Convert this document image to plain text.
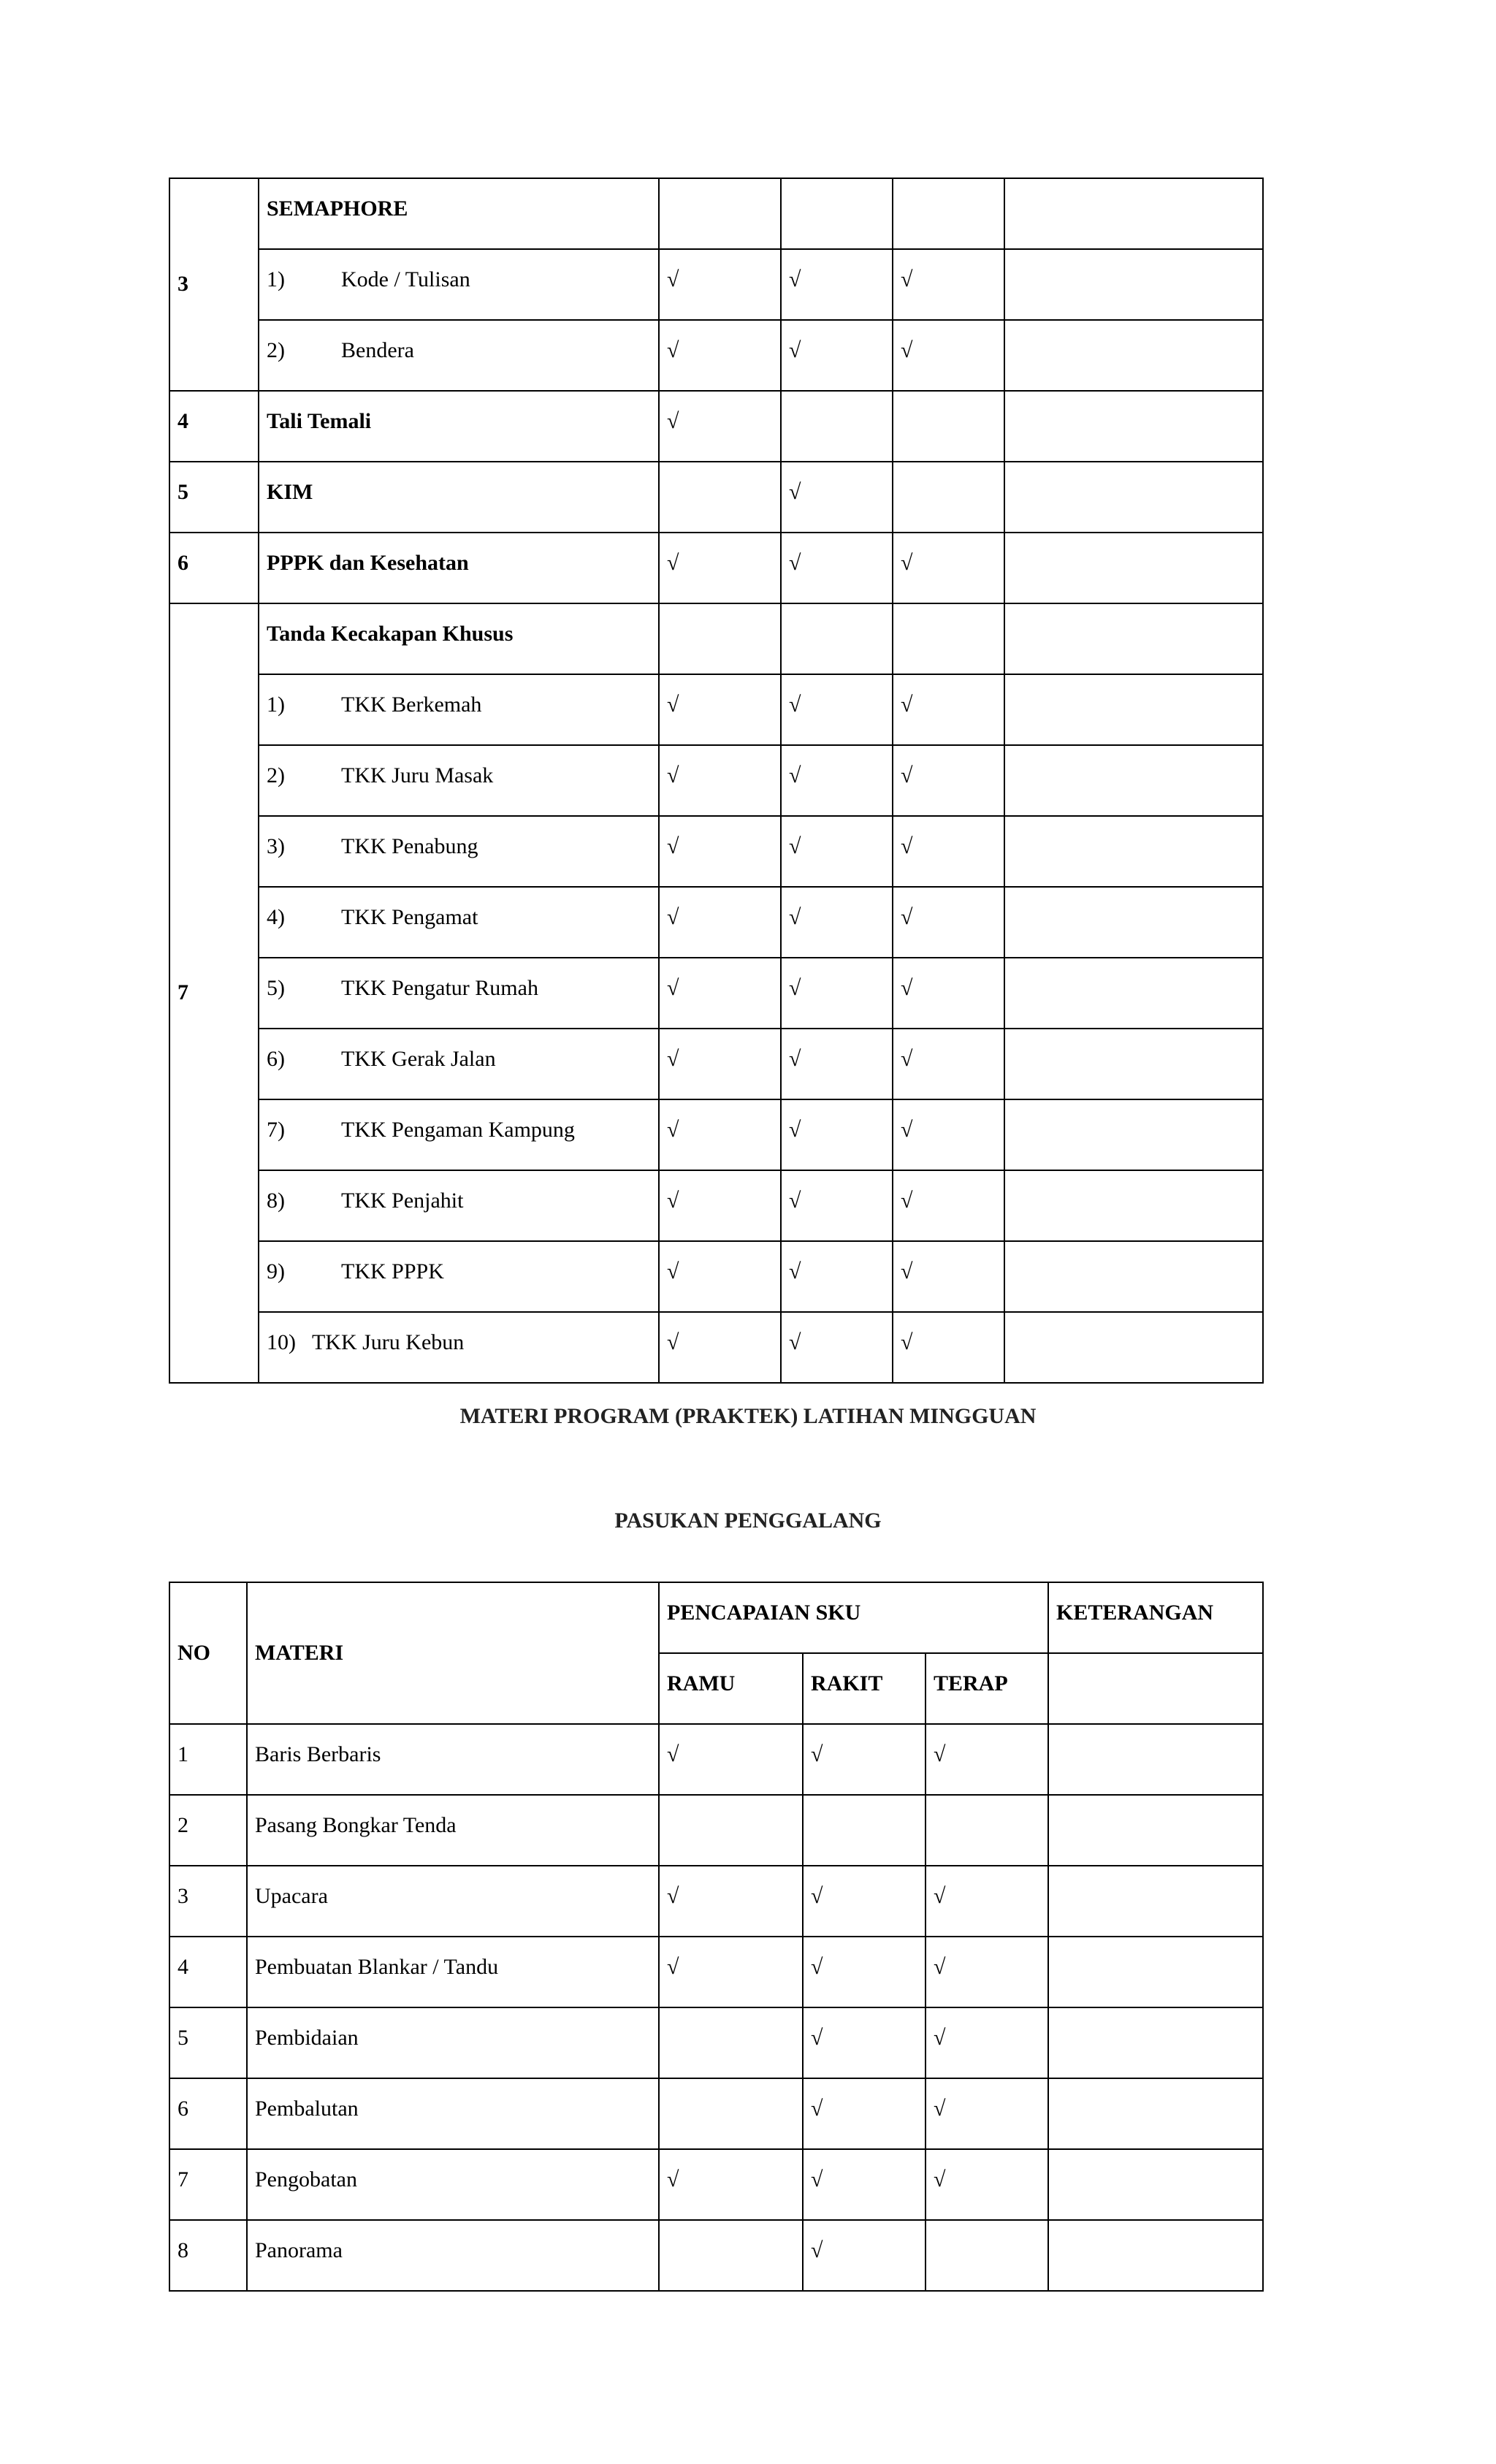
3	SEMAPHORE				
	1) Kode / Tulisan	√	√	√	
	2) Bendera	√	√	√	
4	Tali Temali	√			
5	KIM		√		
6	PPPK dan Kesehatan	√	√	√	
7	Tanda Kecakapan Khusus				
	1) TKK Berkemah	√	√	√	
	2) TKK Juru Masak	√	√	√	
	3) TKK Penabung	√	√	√	
	4) TKK Pengamat	√	√	√	
	5) TKK Pengatur Rumah	√	√	√	
	6) TKK Gerak Jalan	√	√	√	
	7) TKK Pengaman Kampung	√	√	√	
	8) TKK Penjahit	√	√	√	
	9) TKK PPPK	√	√	√	
	10)   TKK Juru Kebun	√	√	√	
MATERI PROGRAM (PRAKTEK) LATIHAN MINGGUAN
PASUKAN PENGGALANG
NO	MATERI	PENCAPAIAN SKU			KETERANGAN
		RAMU	RAKIT	TERAP	
1	Baris Berbaris	√	√	√	
2	Pasang Bongkar Tenda				
3	Upacara	√	√	√	
4	Pembuatan Blankar / Tandu	√	√	√	
5	Pembidaian		√	√	
6	Pembalutan		√	√	
7	Pengobatan	√	√	√	
8	Panorama		√		
